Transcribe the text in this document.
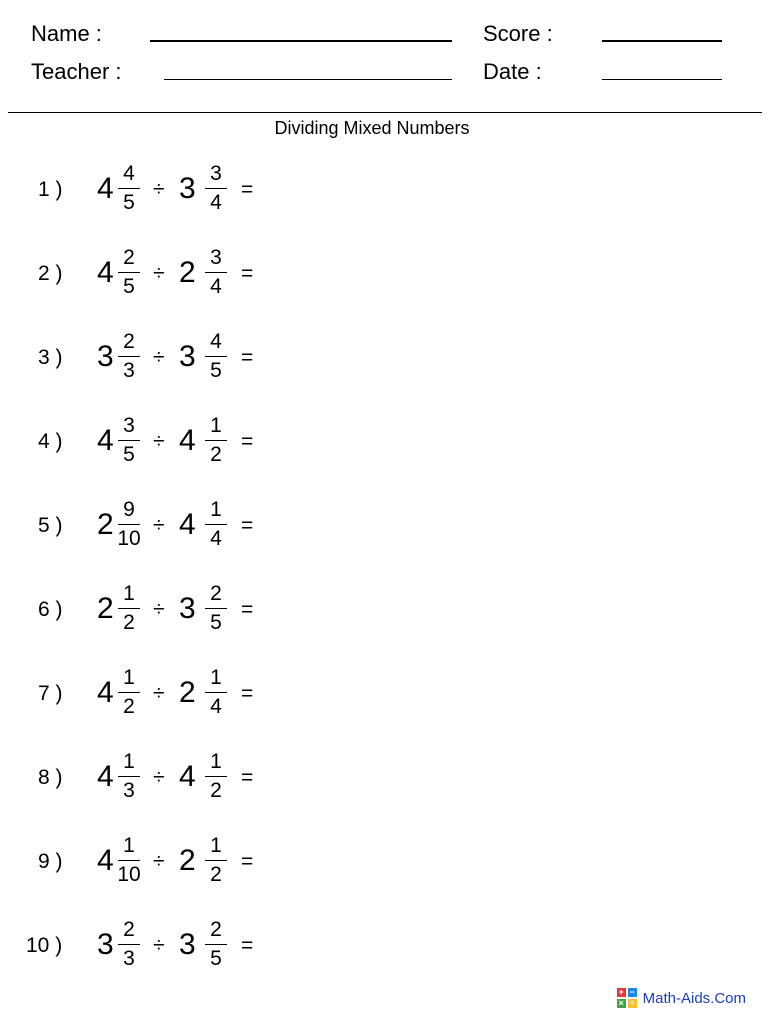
Name :
Teacher :
Score :
Date :
Dividing Mixed Numbers
1 )	4 4
5
÷ 3 3
4
=
2 )	4 2
5
÷ 2 3
4
=
3 )	3 2
3
÷ 3 4
5
=
4 )	4 3
5
÷ 4 1
2
=
5 )	2 9
10
÷ 4 1
4
=
6 )	2 1
2
÷ 3 2
5
=
7 )	4 1
2
÷ 2 1
4
=
8 )	4 1
3
÷ 4 1
2
=
9 )	4 1
10
÷ 2 1
2
=
10 ) 3 2
3
÷ 3 2
5
=
+ −
× ÷ Math-Aids.Com
